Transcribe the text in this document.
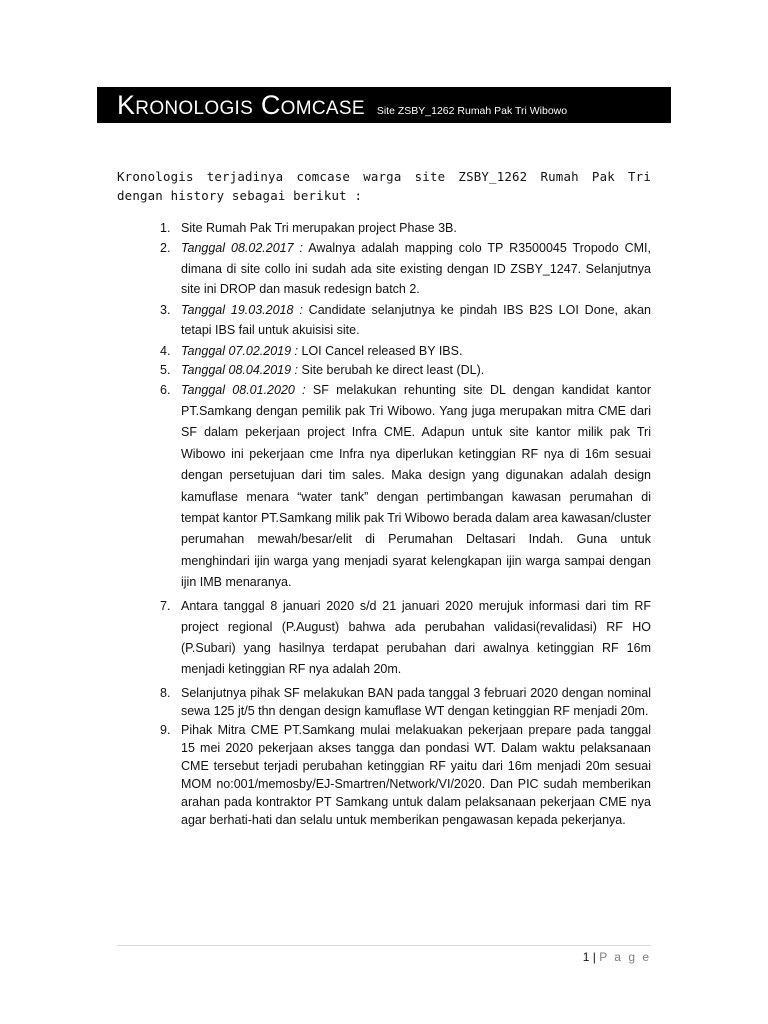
Kronologis Comcase Site ZSBY_1262 Rumah Pak Tri Wibowo
Kronologis terjadinya comcase warga site ZSBY_1262 Rumah Pak Tri dengan history sebagai berikut :
1. Site Rumah Pak Tri merupakan project Phase 3B.
2. Tanggal 08.02.2017 : Awalnya adalah mapping colo TP R3500045 Tropodo CMI, dimana di site collo ini sudah ada site existing dengan ID ZSBY_1247. Selanjutnya site ini DROP dan masuk redesign batch 2.
3. Tanggal 19.03.2018 : Candidate selanjutnya ke pindah IBS B2S LOI Done, akan tetapi IBS fail untuk akuisisi site.
4. Tanggal 07.02.2019 : LOI Cancel released BY IBS.
5. Tanggal 08.04.2019 : Site berubah ke direct least (DL).
6. Tanggal 08.01.2020 : SF melakukan rehunting site DL dengan kandidat kantor PT.Samkang dengan pemilik pak Tri Wibowo. Yang juga merupakan mitra CME dari SF dalam pekerjaan project Infra CME. Adapun untuk site kantor milik pak Tri Wibowo ini pekerjaan cme Infra nya diperlukan ketinggian RF nya di 16m sesuai dengan persetujuan dari tim sales. Maka design yang digunakan adalah design kamuflase menara “water tank” dengan pertimbangan kawasan perumahan di tempat kantor PT.Samkang milik pak Tri Wibowo berada dalam area kawasan/cluster perumahan mewah/besar/elit di Perumahan Deltasari Indah. Guna untuk menghindari ijin warga yang menjadi syarat kelengkapan ijin warga sampai dengan ijin IMB menaranya.
7. Antara tanggal 8 januari 2020 s/d 21 januari 2020 merujuk informasi dari tim RF project regional (P.August) bahwa ada perubahan validasi(revalidasi) RF HO (P.Subari) yang hasilnya terdapat perubahan dari awalnya ketinggian RF 16m menjadi ketinggian RF nya adalah 20m.
8. Selanjutnya pihak SF melakukan BAN pada tanggal 3 februari 2020 dengan nominal sewa 125 jt/5 thn dengan design kamuflase WT dengan ketinggian RF menjadi 20m.
9. Pihak Mitra CME PT.Samkang mulai melakuakan pekerjaan prepare pada tanggal 15 mei 2020 pekerjaan akses tangga dan pondasi WT. Dalam waktu pelaksanaan CME tersebut terjadi perubahan ketinggian RF yaitu dari 16m menjadi 20m sesuai MOM no:001/memosby/EJ-Smartren/Network/VI/2020. Dan PIC sudah memberikan arahan pada kontraktor PT Samkang untuk dalam pelaksanaan pekerjaan CME nya agar berhati-hati dan selalu untuk memberikan pengawasan kepada pekerjanya.
1 | P a g e
